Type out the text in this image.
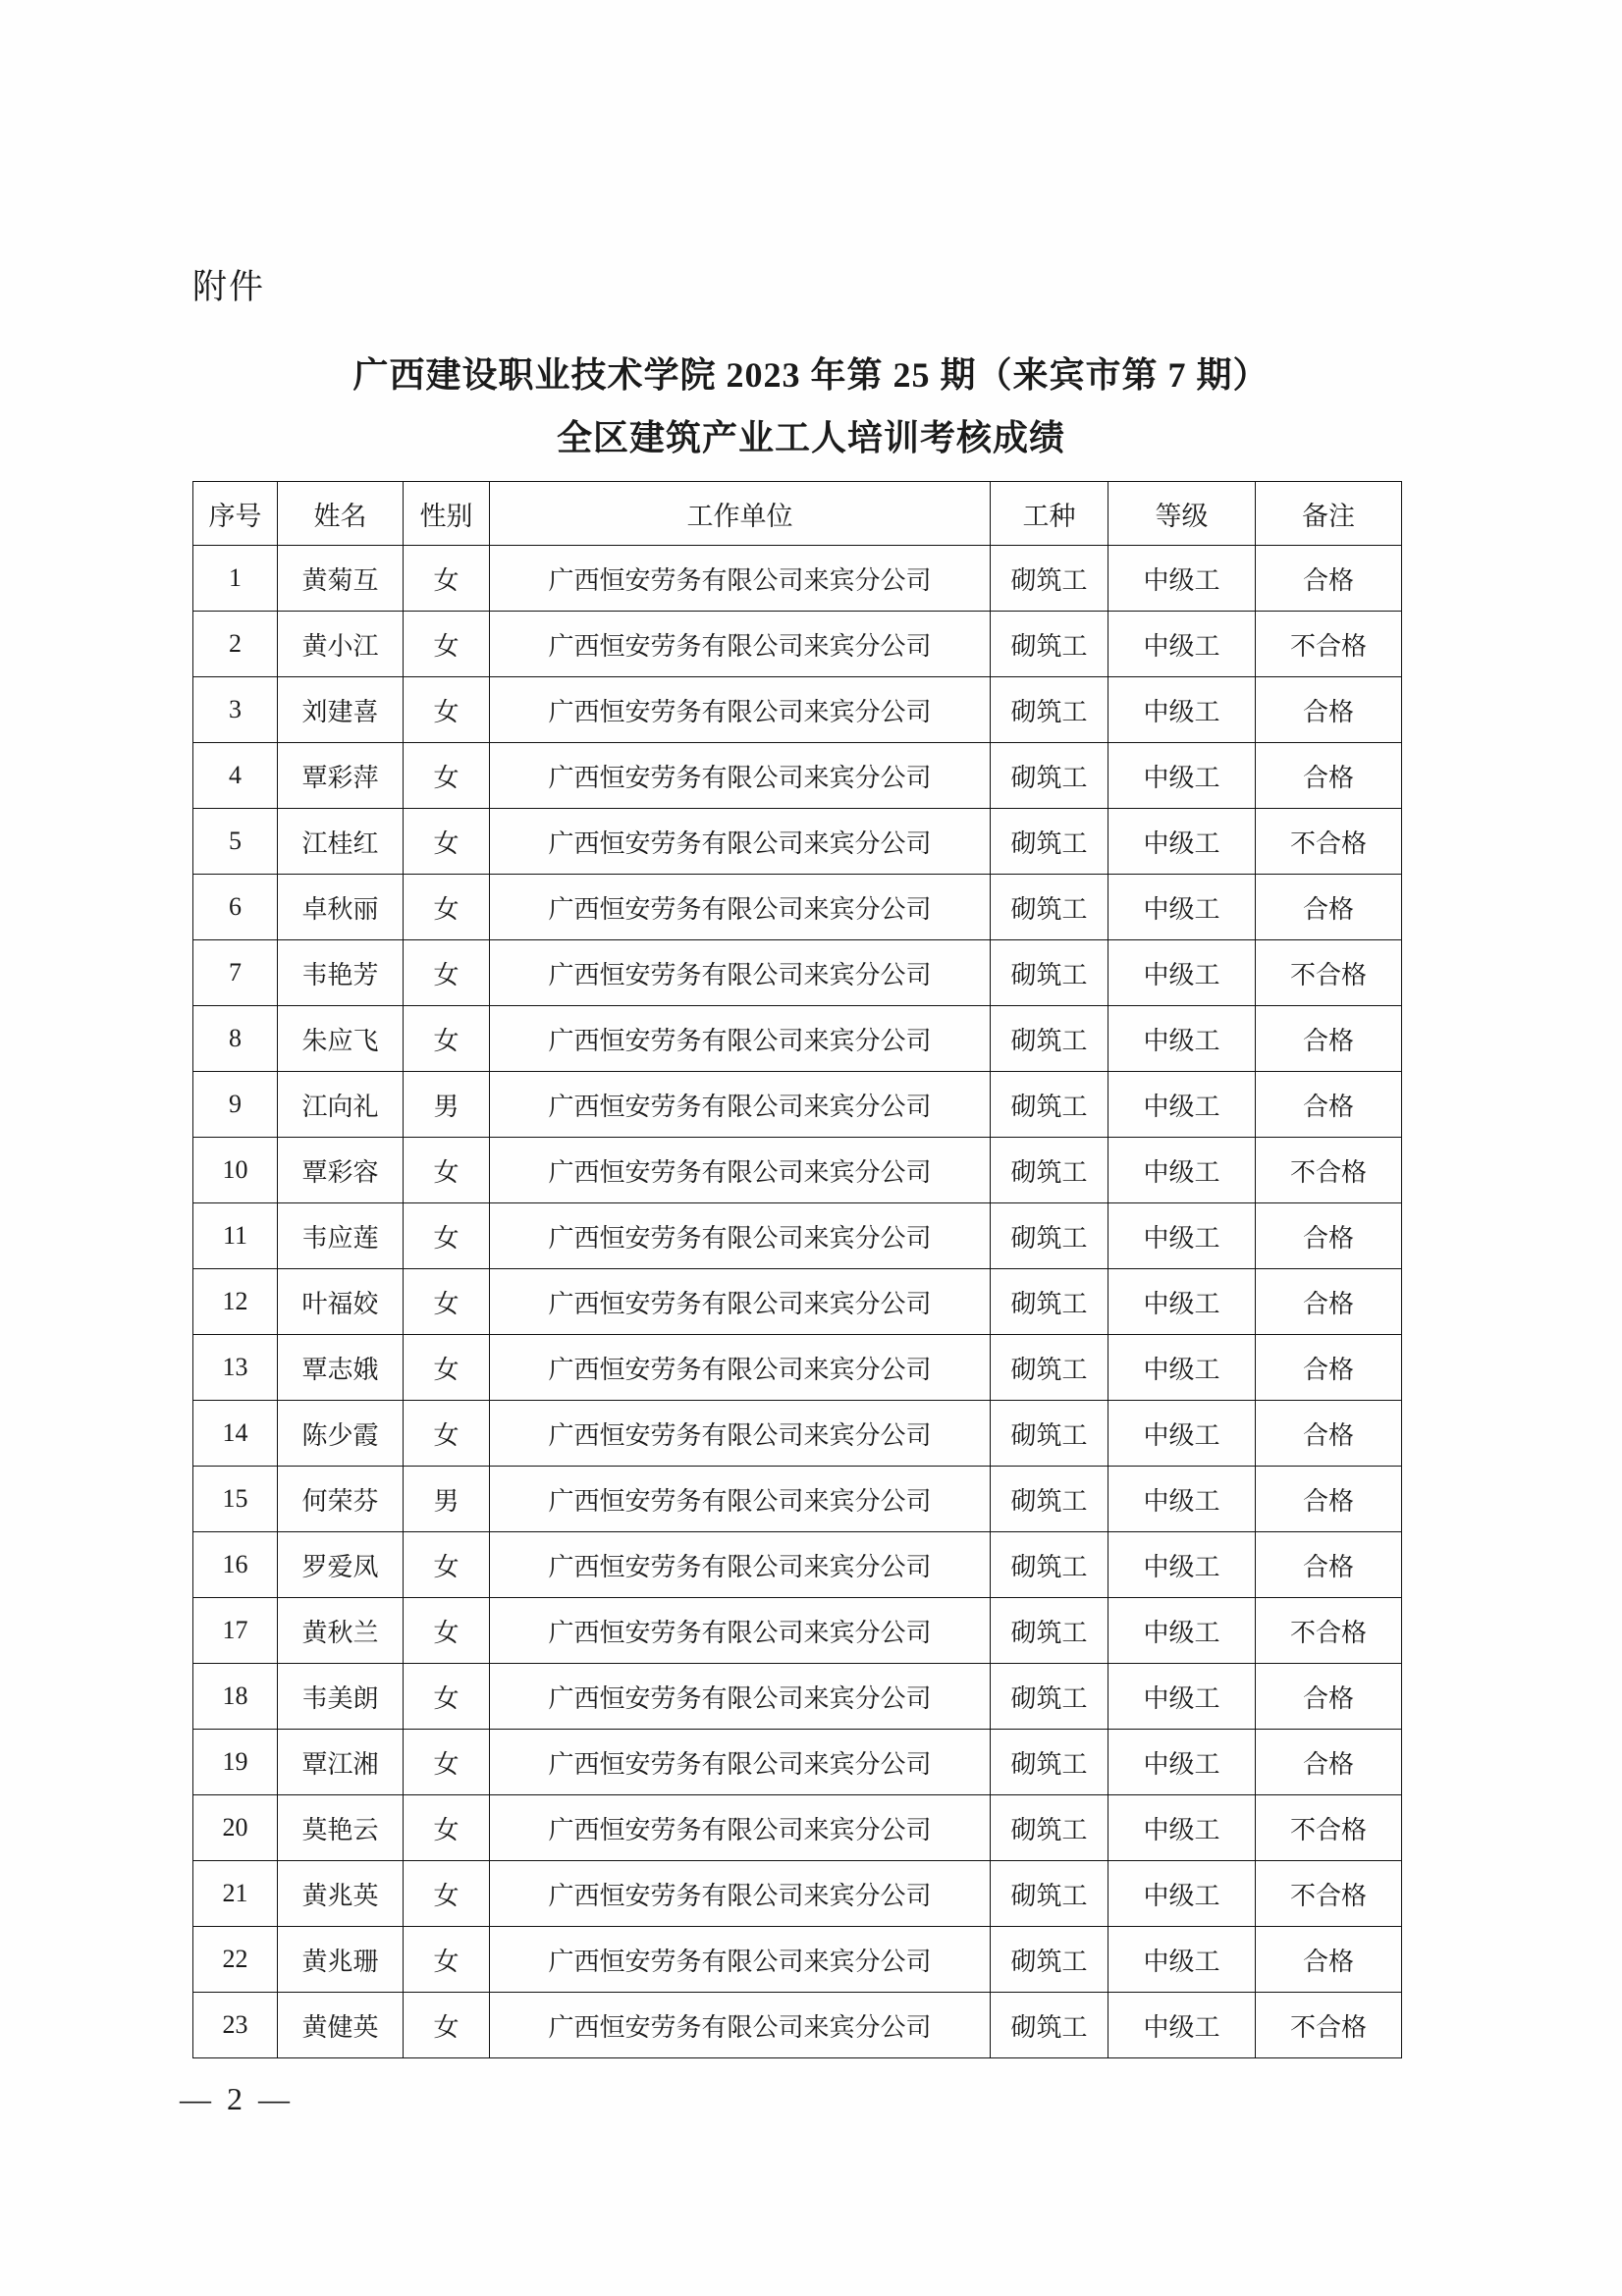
附件
广西建设职业技术学院 2023 年第 25 期（来宾市第 7 期）
全区建筑产业工人培训考核成绩
序号	姓名	性别	工作单位	工种	等级	备注
1	黄菊互	女	广西恒安劳务有限公司来宾分公司	砌筑工	中级工	合格
2	黄小江	女	广西恒安劳务有限公司来宾分公司	砌筑工	中级工	不合格
3	刘建喜	女	广西恒安劳务有限公司来宾分公司	砌筑工	中级工	合格
4	覃彩萍	女	广西恒安劳务有限公司来宾分公司	砌筑工	中级工	合格
5	江桂红	女	广西恒安劳务有限公司来宾分公司	砌筑工	中级工	不合格
6	卓秋丽	女	广西恒安劳务有限公司来宾分公司	砌筑工	中级工	合格
7	韦艳芳	女	广西恒安劳务有限公司来宾分公司	砌筑工	中级工	不合格
8	朱应飞	女	广西恒安劳务有限公司来宾分公司	砌筑工	中级工	合格
9	江向礼	男	广西恒安劳务有限公司来宾分公司	砌筑工	中级工	合格
10	覃彩容	女	广西恒安劳务有限公司来宾分公司	砌筑工	中级工	不合格
11	韦应莲	女	广西恒安劳务有限公司来宾分公司	砌筑工	中级工	合格
12	叶福姣	女	广西恒安劳务有限公司来宾分公司	砌筑工	中级工	合格
13	覃志娥	女	广西恒安劳务有限公司来宾分公司	砌筑工	中级工	合格
14	陈少霞	女	广西恒安劳务有限公司来宾分公司	砌筑工	中级工	合格
15	何荣芬	男	广西恒安劳务有限公司来宾分公司	砌筑工	中级工	合格
16	罗爱凤	女	广西恒安劳务有限公司来宾分公司	砌筑工	中级工	合格
17	黄秋兰	女	广西恒安劳务有限公司来宾分公司	砌筑工	中级工	不合格
18	韦美朗	女	广西恒安劳务有限公司来宾分公司	砌筑工	中级工	合格
19	覃江湘	女	广西恒安劳务有限公司来宾分公司	砌筑工	中级工	合格
20	莫艳云	女	广西恒安劳务有限公司来宾分公司	砌筑工	中级工	不合格
21	黄兆英	女	广西恒安劳务有限公司来宾分公司	砌筑工	中级工	不合格
22	黄兆珊	女	广西恒安劳务有限公司来宾分公司	砌筑工	中级工	合格
23	黄健英	女	广西恒安劳务有限公司来宾分公司	砌筑工	中级工	不合格
— 2 —
